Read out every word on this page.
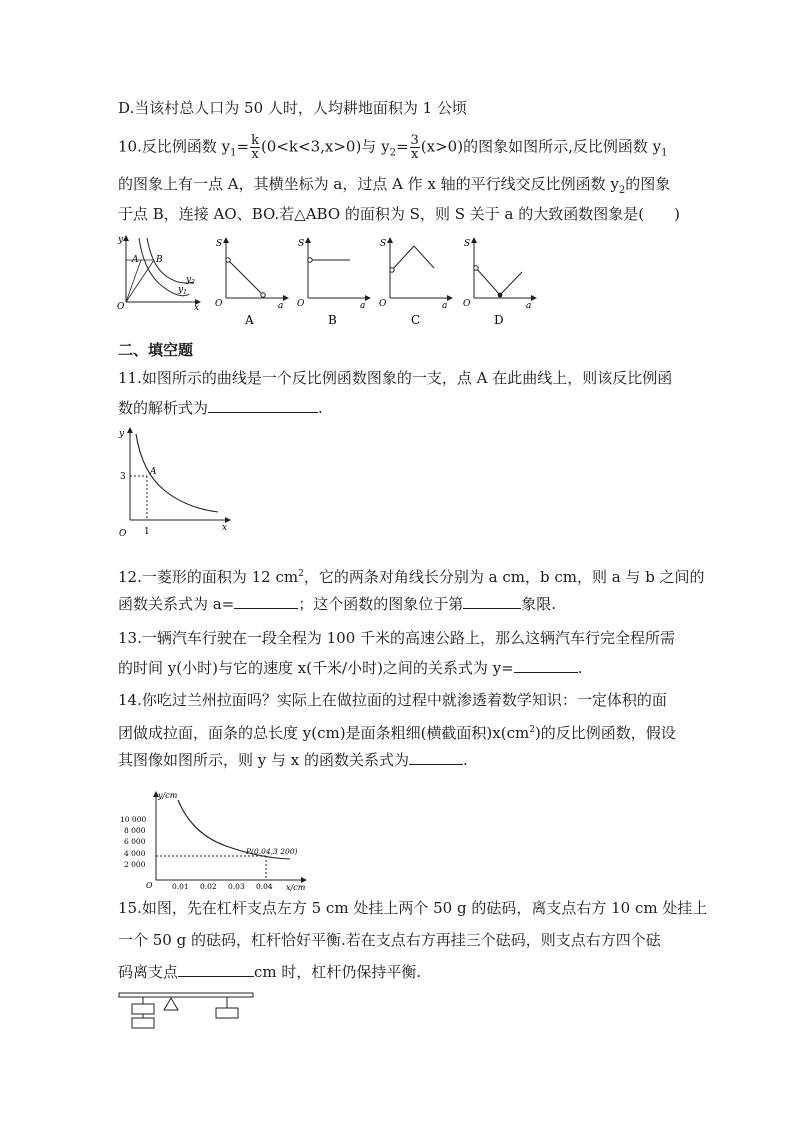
D.当该村总人口为 50 人时，人均耕地面积为 1 公顷
10.反比例函数 $y_1= \frac{k}{x} (0<k<3,x>0)$与 $y_2= \frac{3}{x} (x>0)$的图象如图所示,反比例函数 $y_1$
的图象上有一点 A，其横坐标为 a，过点 A 作 x 轴的平行线交反比例函数 $y_2$的图象
于点 B，连接 AO、BO.若△ABO 的面积为 S，则 S 关于 a 的大致函数图象是( )
y
x
O
A B
$y_2$
$y_1$
S
O	a
A
S
O	a
B
S
O	a
C
S
O	a
D
二、填空题
11.如图所示的曲线是一个反比例函数图象的一支，点 A 在此曲线上，则该反比例函
数的解析式为	.
y
x
O
3
1
A
12.一菱形的面积为 12 $cm^2$，它的两条对角线长分别为 a cm，b cm，则 a 与 b 之间的
函数关系式为 a=	；这个函数的图象位于第	象限.
13.一辆汽车行驶在一段全程为 100 千米的高速公路上，那么这辆汽车行完全程所需
的时间 y(小时)与它的速度 x(千米/小时)之间的关系式为 y=	.
14.你吃过兰州拉面吗？实际上在做拉面的过程中就渗透着数学知识：一定体积的面
团做成拉面，面条的总长度 y(cm)是面条粗细(横截面积)$x(cm^2)$的反比例函数，假设
其图像如图所示，则 y 与 x 的函数关系式为	.
y/cm
x/cm
O
10 000
8 000
6 000
4 000
2 000
0.01 0.02 0.03 0.04
P(0.04,3 200)
15.如图，先在杠杆支点左方 5 cm 处挂上两个 50 g 的砝码，离支点右方 10 cm 处挂上
一个 50 g 的砝码，杠杆恰好平衡.若在支点右方再挂三个砝码，则支点右方四个砝
码离支点	cm 时，杠杆仍保持平衡.
